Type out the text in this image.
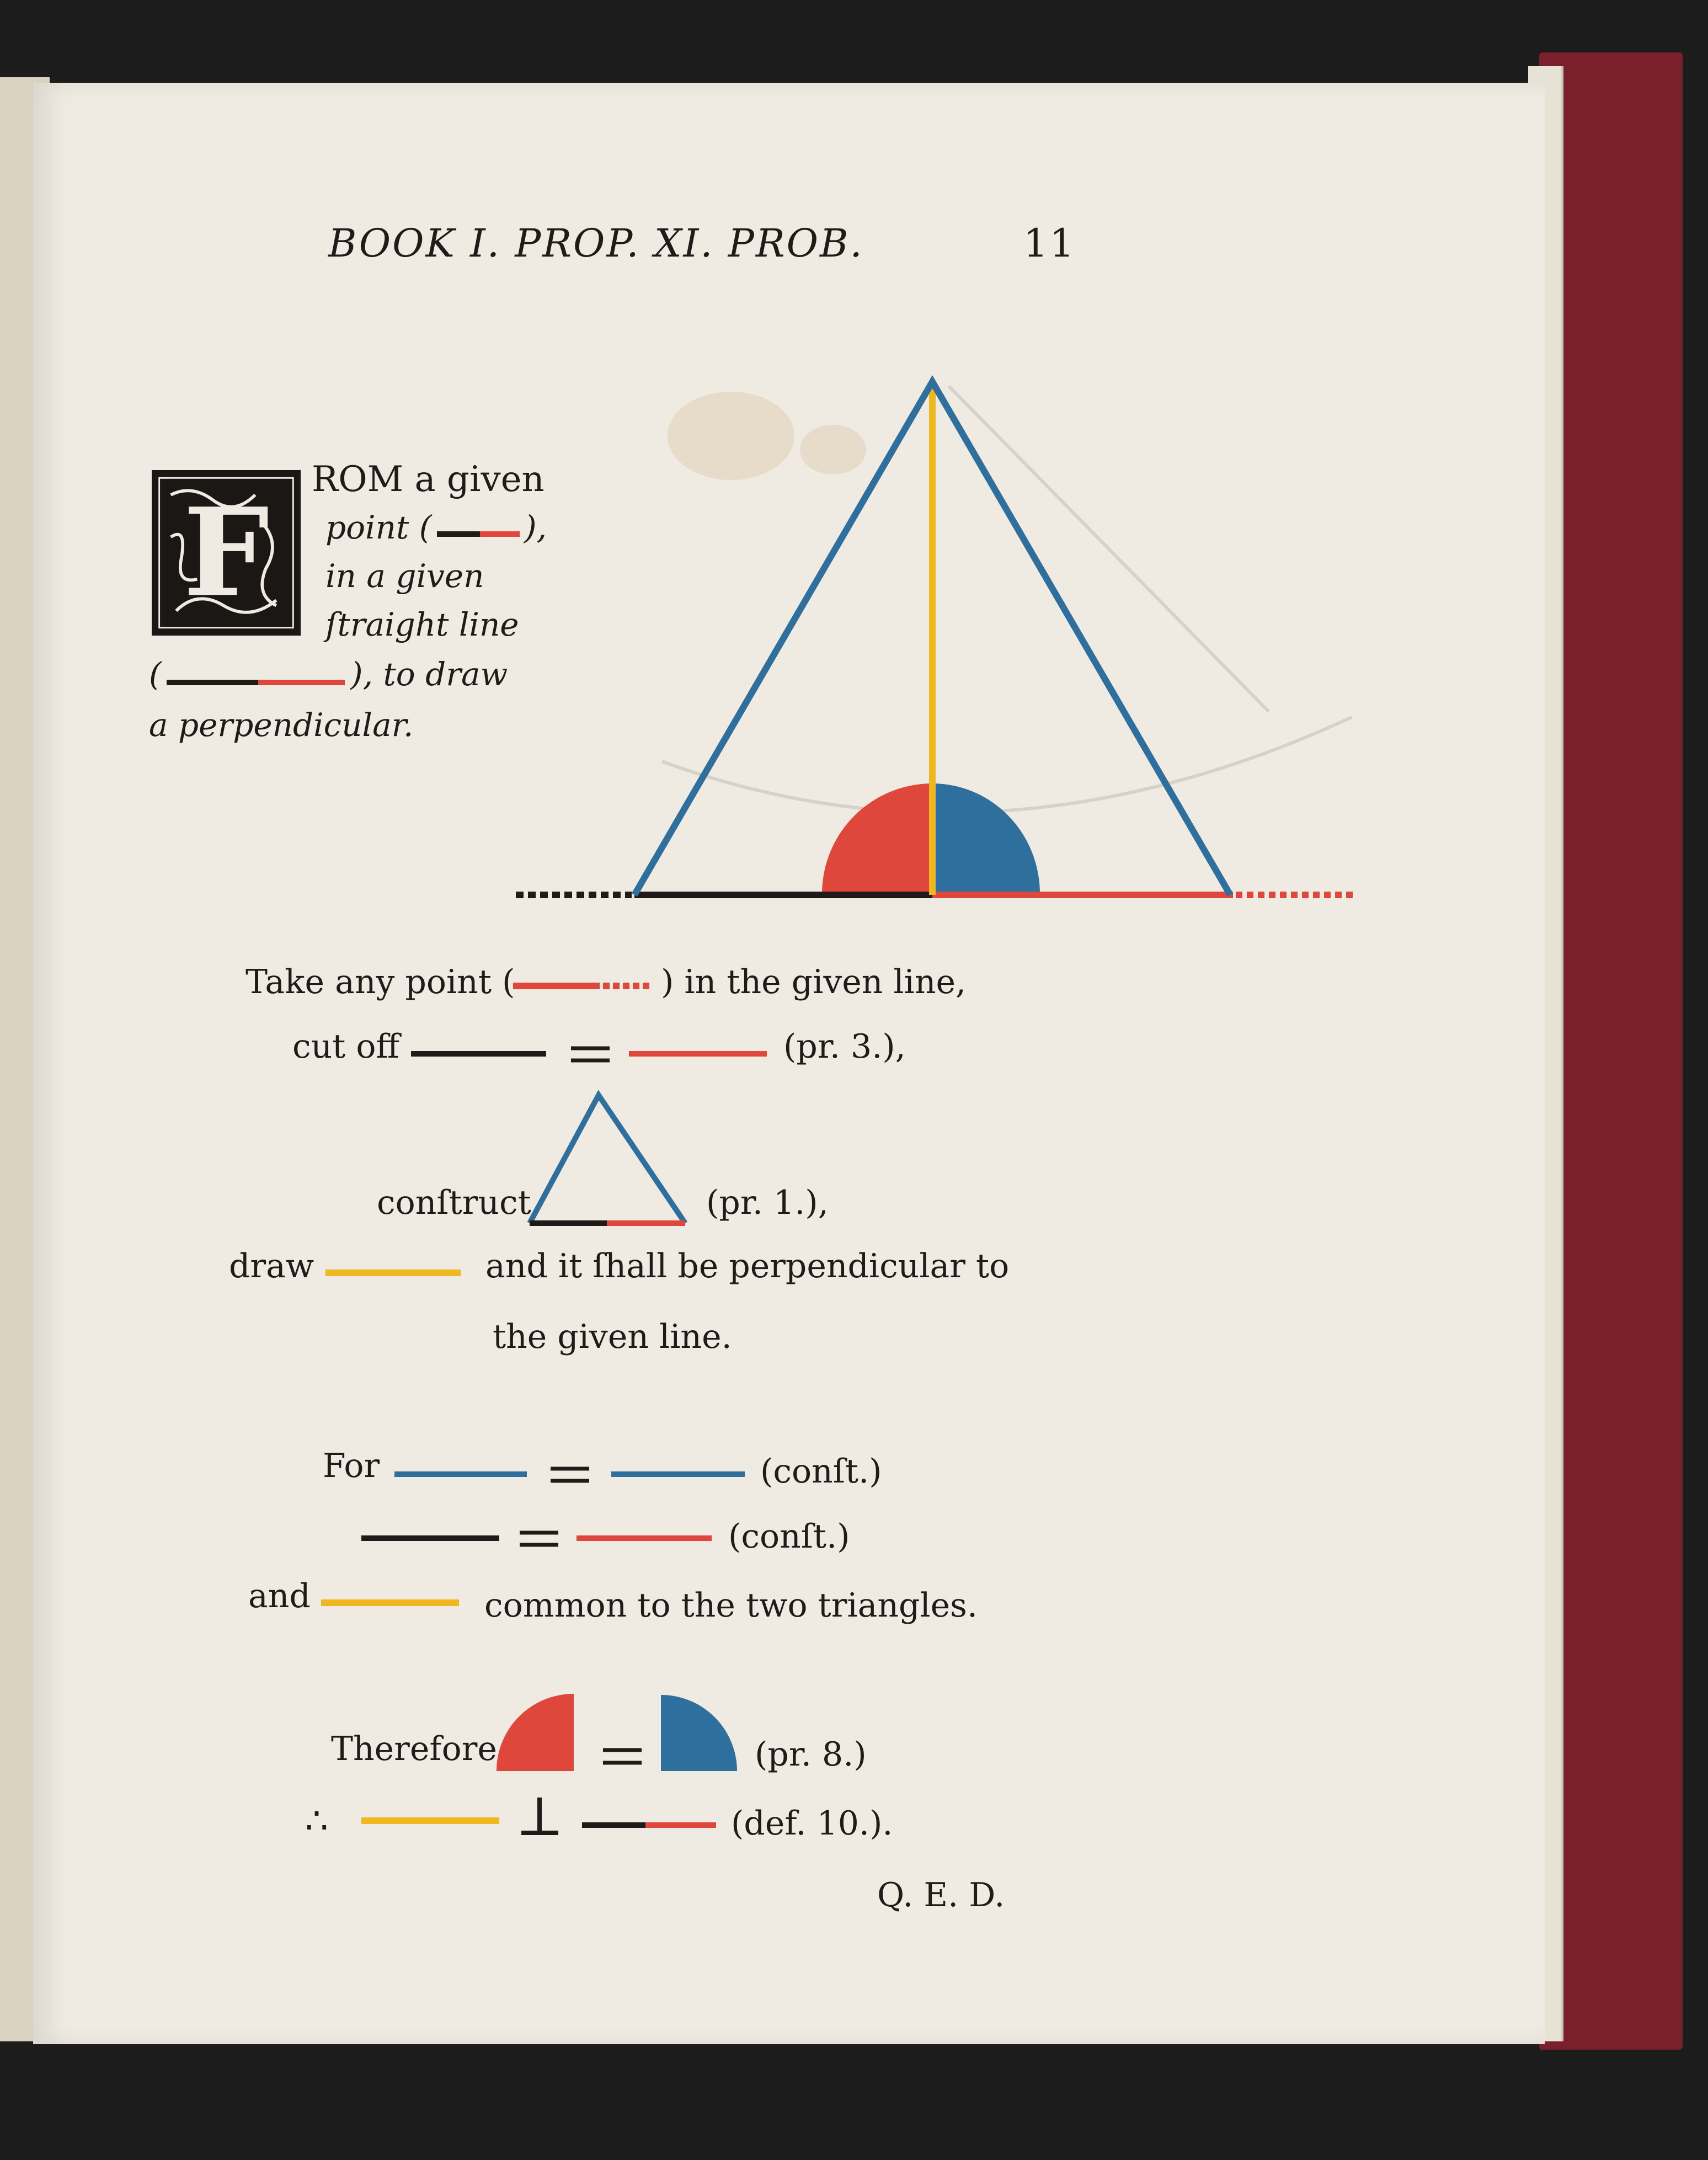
BOOK I. PROP. XI. PROB.	11
F
ROM a given
point (	),
in a given
ſtraight line
(	), to draw
a perpendicular.
Take any point (	) in the given line,
cut off	(pr. 3.),
conſtruct	(pr. 1.),
draw	and it ſhall be perpendicular to
the given line.
For	(conſt.)
(conſt.)
and	common to the two triangles.
Therefore	(pr. 8.)
∴	(def. 10.).
Q. E. D.
